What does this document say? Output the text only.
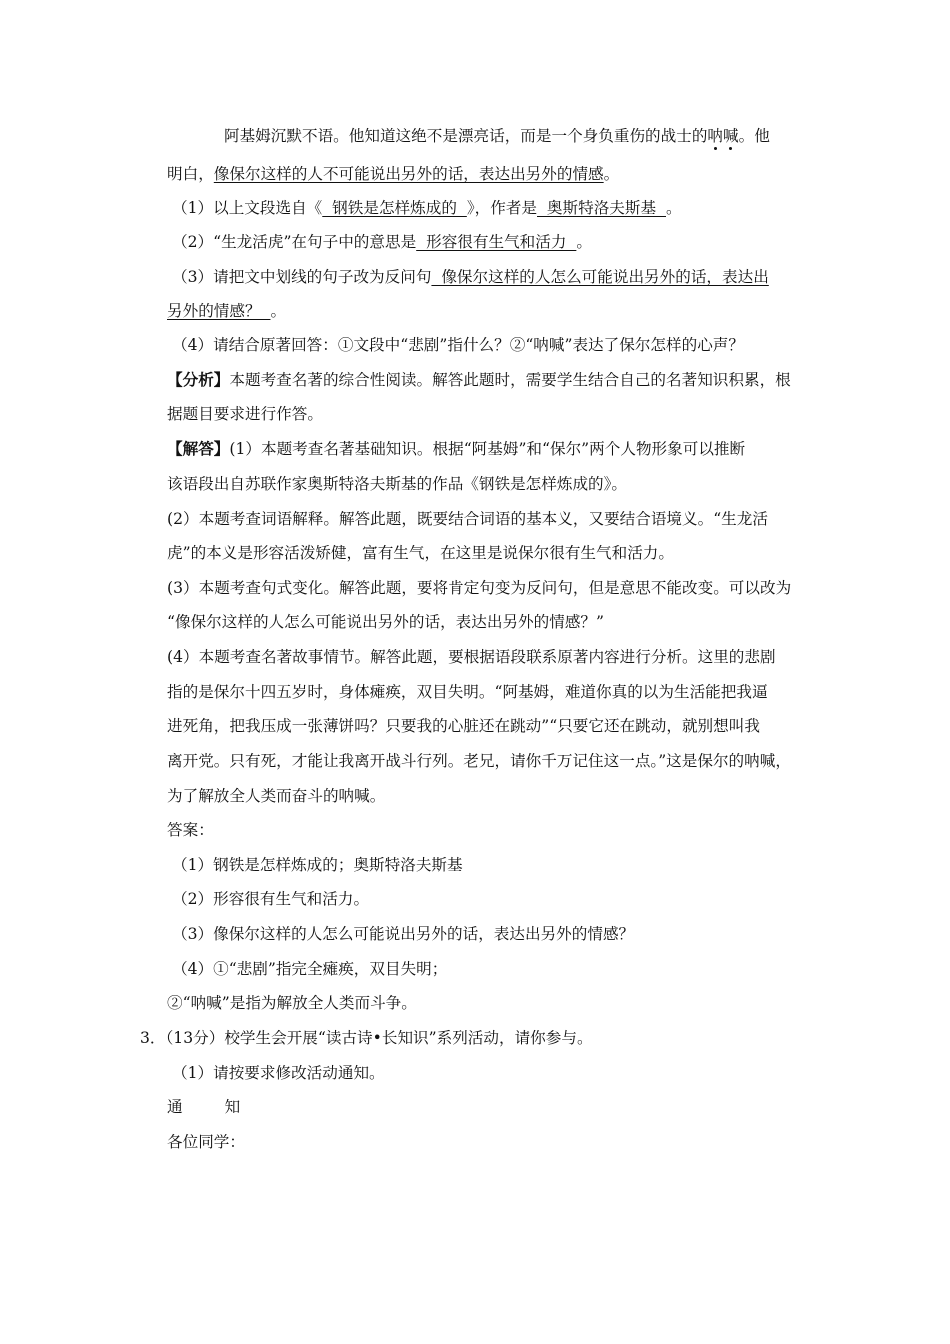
阿基姆沉默不语。他知道这绝不是漂亮话，而是一个身负重伤的战士的呐喊。他
明白，像保尔这样的人不可能说出另外的话，表达出另外的情感。
（1）以上文段选自《  钢铁是怎样炼成的  》，作者是  奥斯特洛夫斯基  。
（2）“生龙活虎”在句子中的意思是  形容很有生气和活力  。
（3）请把文中划线的句子改为反问句  像保尔这样的人怎么可能说出另外的话，表达出
另外的情感？  。
（4）请结合原著回答：①文段中“悲剧”指什么？②“呐喊”表达了保尔怎样的心声？
【分析】本题考查名著的综合性阅读。解答此题时，需要学生结合自己的名著知识积累，根
据题目要求进行作答。
【解答】(1）本题考查名著基础知识。根据“阿基姆”和“保尔”两个人物形象可以推断
该语段出自苏联作家奥斯特洛夫斯基的作品《钢铁是怎样炼成的》。
(2）本题考查词语解释。解答此题，既要结合词语的基本义，又要结合语境义。“生龙活
虎”的本义是形容活泼矫健，富有生气，在这里是说保尔很有生气和活力。
(3）本题考查句式变化。解答此题，要将肯定句变为反问句，但是意思不能改变。可以改为
“像保尔这样的人怎么可能说出另外的话，表达出另外的情感？”
(4）本题考查名著故事情节。解答此题，要根据语段联系原著内容进行分析。这里的悲剧
指的是保尔十四五岁时，身体瘫痪，双目失明。“阿基姆，难道你真的以为生活能把我逼
进死角，把我压成一张薄饼吗？只要我的心脏还在跳动”“只要它还在跳动，就别想叫我
离开党。只有死，才能让我离开战斗行列。老兄，请你千万记住这一点。”这是保尔的呐喊，
为了解放全人类而奋斗的呐喊。
答案：
（1）钢铁是怎样炼成的；奥斯特洛夫斯基
（2）形容很有生气和活力。
（3）像保尔这样的人怎么可能说出另外的话，表达出另外的情感？
（4）①“悲剧”指完全瘫痪，双目失明；
②“呐喊”是指为解放全人类而斗争。
3．（13分）校学生会开展“读古诗•长知识”系列活动，请你参与。
（1）请按要求修改活动通知。
通	知
各位同学：
